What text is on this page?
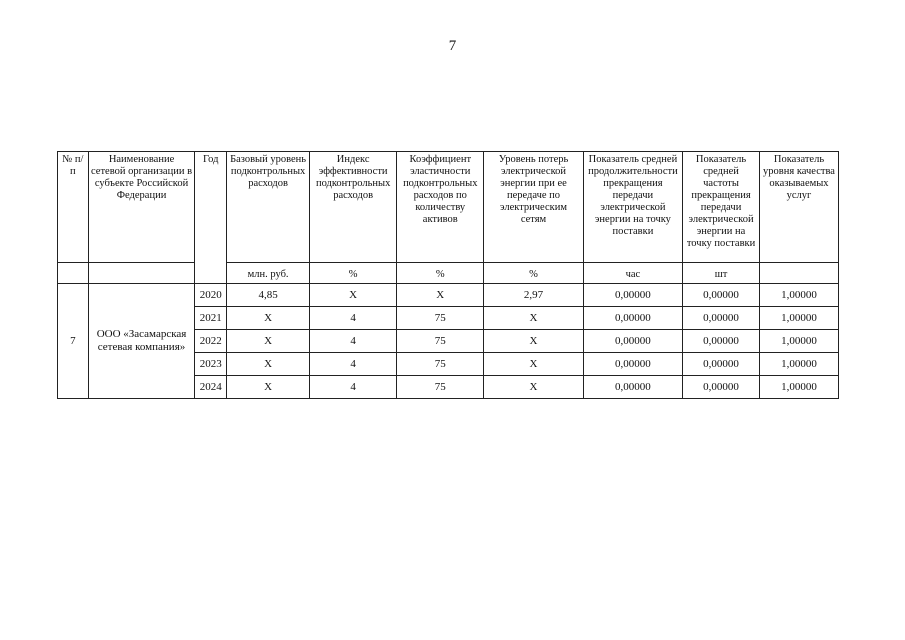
7
№ п/п	Наименование сетевой организации в субъекте Российской Федерации	Год	Базовый уровень подконтрольных расходов	Индекс эффективности подконтрольных расходов	Коэффициент эластичности подконтрольных расходов по количеству активов	Уровень потерь электрической энергии при ее передаче по электрическим сетям	Показатель средней продолжительности прекращения передачи электрической энергии на точку поставки	Показатель средней частоты прекращения передачи электрической энергии на точку поставки	Показатель уровня качества оказываемых услуг
			млн. руб.	%	%	%	час	шт	
7	ООО «Засамарская сетевая компания»	2020	4,85	X	X	2,97	0,00000	0,00000	1,00000
		2021	X	4	75	X	0,00000	0,00000	1,00000
		2022	X	4	75	X	0,00000	0,00000	1,00000
		2023	X	4	75	X	0,00000	0,00000	1,00000
		2024	X	4	75	X	0,00000	0,00000	1,00000
